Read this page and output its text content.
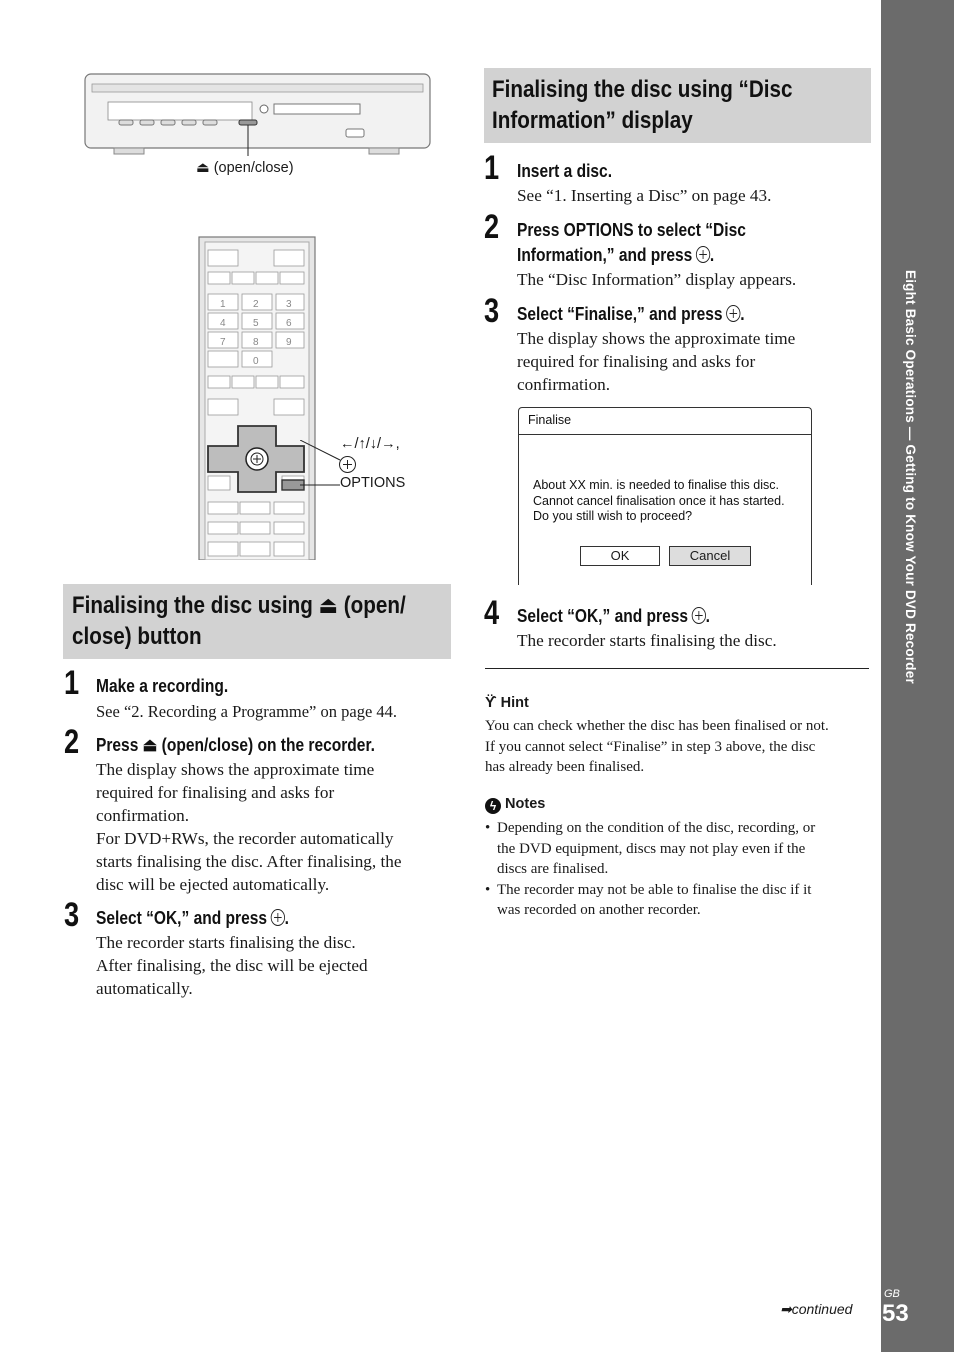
Eight Basic Operations — Getting to Know Your DVD Recorder
GB
53
➡continued
⏏ (open/close)
1	2	3
4	5	6
7	8	9
0
←/↑/↓/→,
OPTIONS
Finalising the disc using ⏏ (open/
close) button
1 Make a recording.
See “2. Recording a Programme” on page 44.
2 Press ⏏ (open/close) on the recorder.
The display shows the approximate time
required for finalising and asks for
confirmation.
For DVD+RWs, the recorder automatically
starts finalising the disc. After finalising, the
disc will be ejected automatically.
3 Select “OK,” and press .
The recorder starts finalising the disc.
After finalising, the disc will be ejected
automatically.
Finalising the disc using “Disc
Information” display
1 Insert a disc.
See “1. Inserting a Disc” on page 43.
2 Press OPTIONS to select “Disc
Information,” and press .
The “Disc Information” display appears.
3 Select “Finalise,” and press .
The display shows the approximate time
required for finalising and asks for
confirmation.
Finalise
About XX min. is needed to finalise this disc.
Cannot cancel finalisation once it has started.
Do you still wish to proceed?
OK	Cancel
4 Select “OK,” and press .
The recorder starts finalising the disc.
ϔ Hint
You can check whether the disc has been finalised or not.
If you cannot select “Finalise” in step 3 above, the disc
has already been finalised.
ϟ Notes
• Depending on the condition of the disc, recording, or
the DVD equipment, discs may not play even if the
discs are finalised.
• The recorder may not be able to finalise the disc if it
was recorded on another recorder.
